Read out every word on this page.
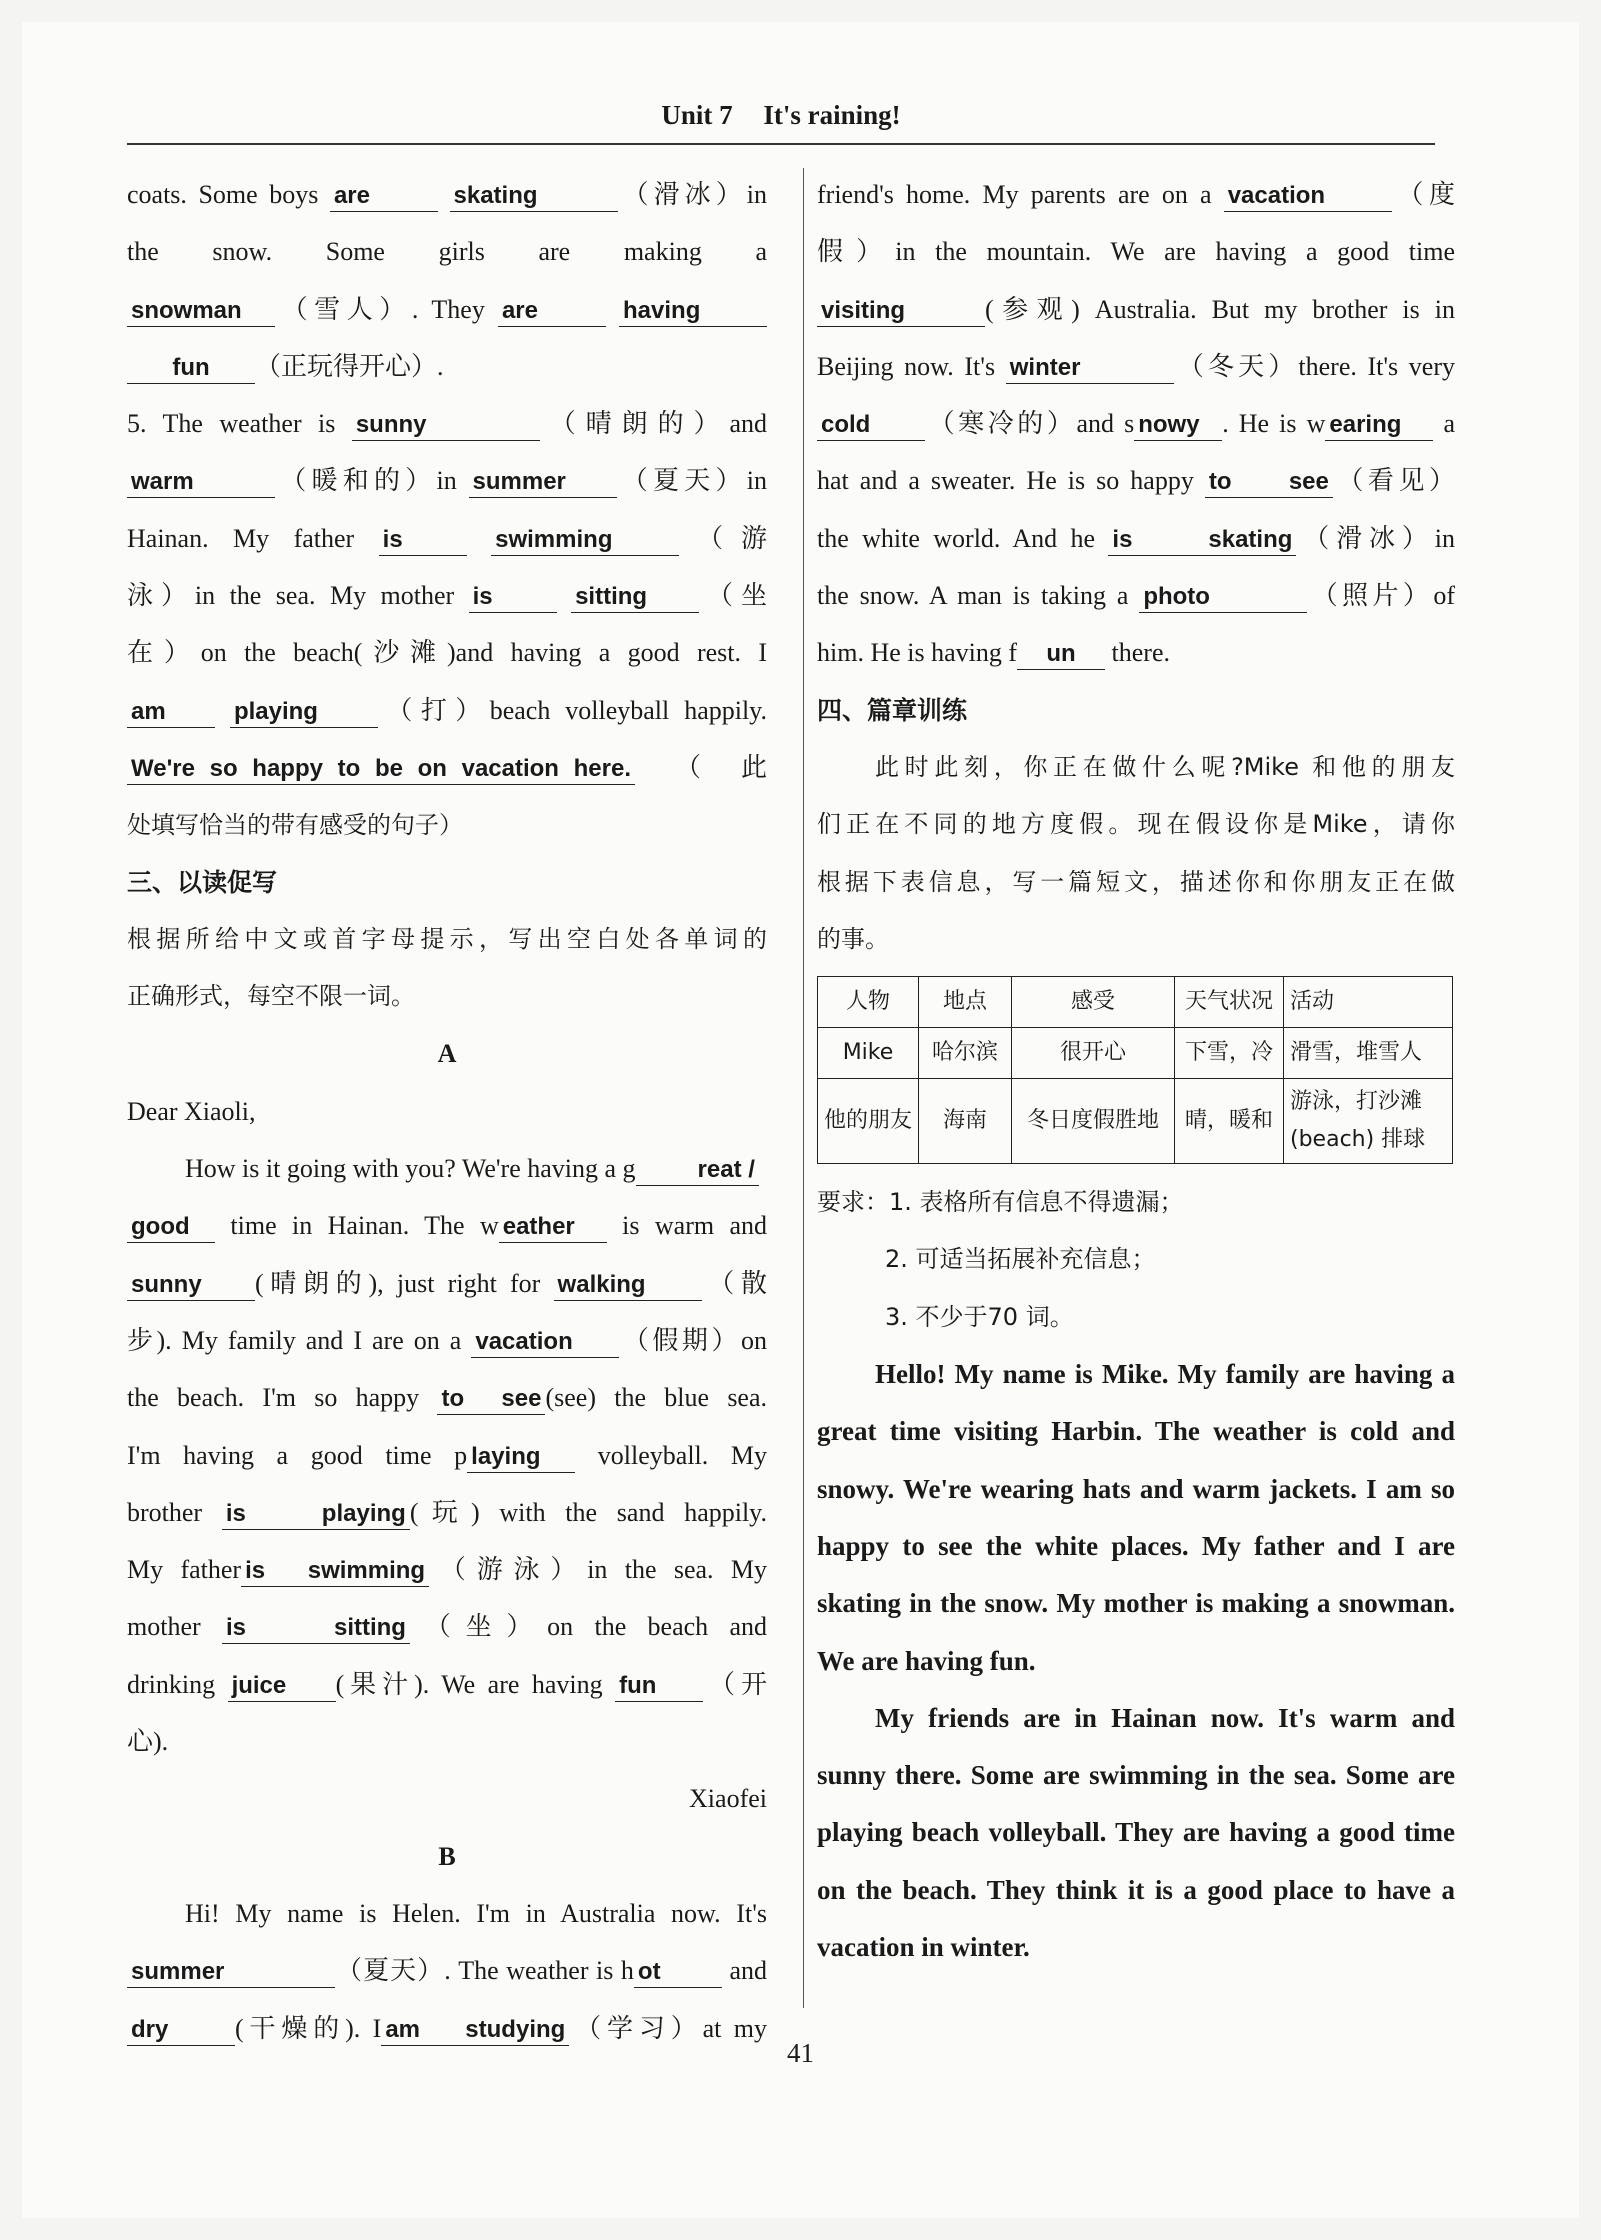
Unit 7 It's raining!
coats. Some boys are	skating	（滑冰）in
the snow. Some girls are making a
snowman （雪人）. They are	having
fun （正玩得开心）.
5. The weather is sunny	（晴朗的）and
warm	（暖和的）in summer （夏天）in
Hainan. My father is	swimming	（游
泳）in the sea. My mother is	sitting （坐
在）on the beach(沙滩)and having a good rest. I
am	playing （打）beach volleyball happily.
We're so happy to be on vacation here. （此
处填写恰当的带有感受的句子）
三、以读促写
根据所给中文或首字母提示，写出空白处各单词的
正确形式，每空不限一词。
A
Dear Xiaoli,
How is it going with you? We're having a g	reat /
good time in Hainan. The w eather is warm and
sunny (晴朗的), just right for walking （散
步). My family and I are on a vacation （假期）on
the beach. I'm so happy to see (see) the blue sea.
I'm having a good time p laying volleyball. My
brother is playing (玩) with the sand happily.
My father is swimming （游泳）in the sea. My
mother is sitting （坐）on the beach and
drinking juice (果汁). We are having fun （开
心).
Xiaofei
B
Hi! My name is Helen. I'm in Australia now. It's
summer	（夏天）. The weather is h ot	and
dry	(干燥的). I am studying （学习）at my
friend's home. My parents are on a vacation	（度
假）in the mountain. We are having a good time
visiting	(参观) Australia. But my brother is in
Beijing now. It's winter	（冬天）there. It's very
cold （寒冷的）and s nowy . He is w earing a
hat and a sweater. He is so happy to see （看见）
the white world. And he is skating （滑冰）in
the snow. A man is taking a photo	（照片）of
him. He is having f un there.
四、篇章训练
此时此刻，你正在做什么呢?Mike 和他的朋友
们正在不同的地方度假。现在假设你是Mike，请你
根据下表信息，写一篇短文，描述你和你朋友正在做
的事。
人物	地点	感受	天气状况	活动
Mike	哈尔滨	很开心	下雪，冷	滑雪，堆雪人
他的朋友	海南	冬日度假胜地	晴，暖和	游泳，打沙滩
(beach) 排球
要求：1. 表格所有信息不得遗漏；
2. 可适当拓展补充信息；
3. 不少于70 词。
Hello! My name is Mike. My family are having a
great time visiting Harbin. The weather is cold and
snowy. We're wearing hats and warm jackets. I am so
happy to see the white places. My father and I are
skating in the snow. My mother is making a snowman.
We are having fun.
My friends are in Hainan now. It's warm and
sunny there. Some are swimming in the sea. Some are
playing beach volleyball. They are having a good time
on the beach. They think it is a good place to have a
vacation in winter.
41
